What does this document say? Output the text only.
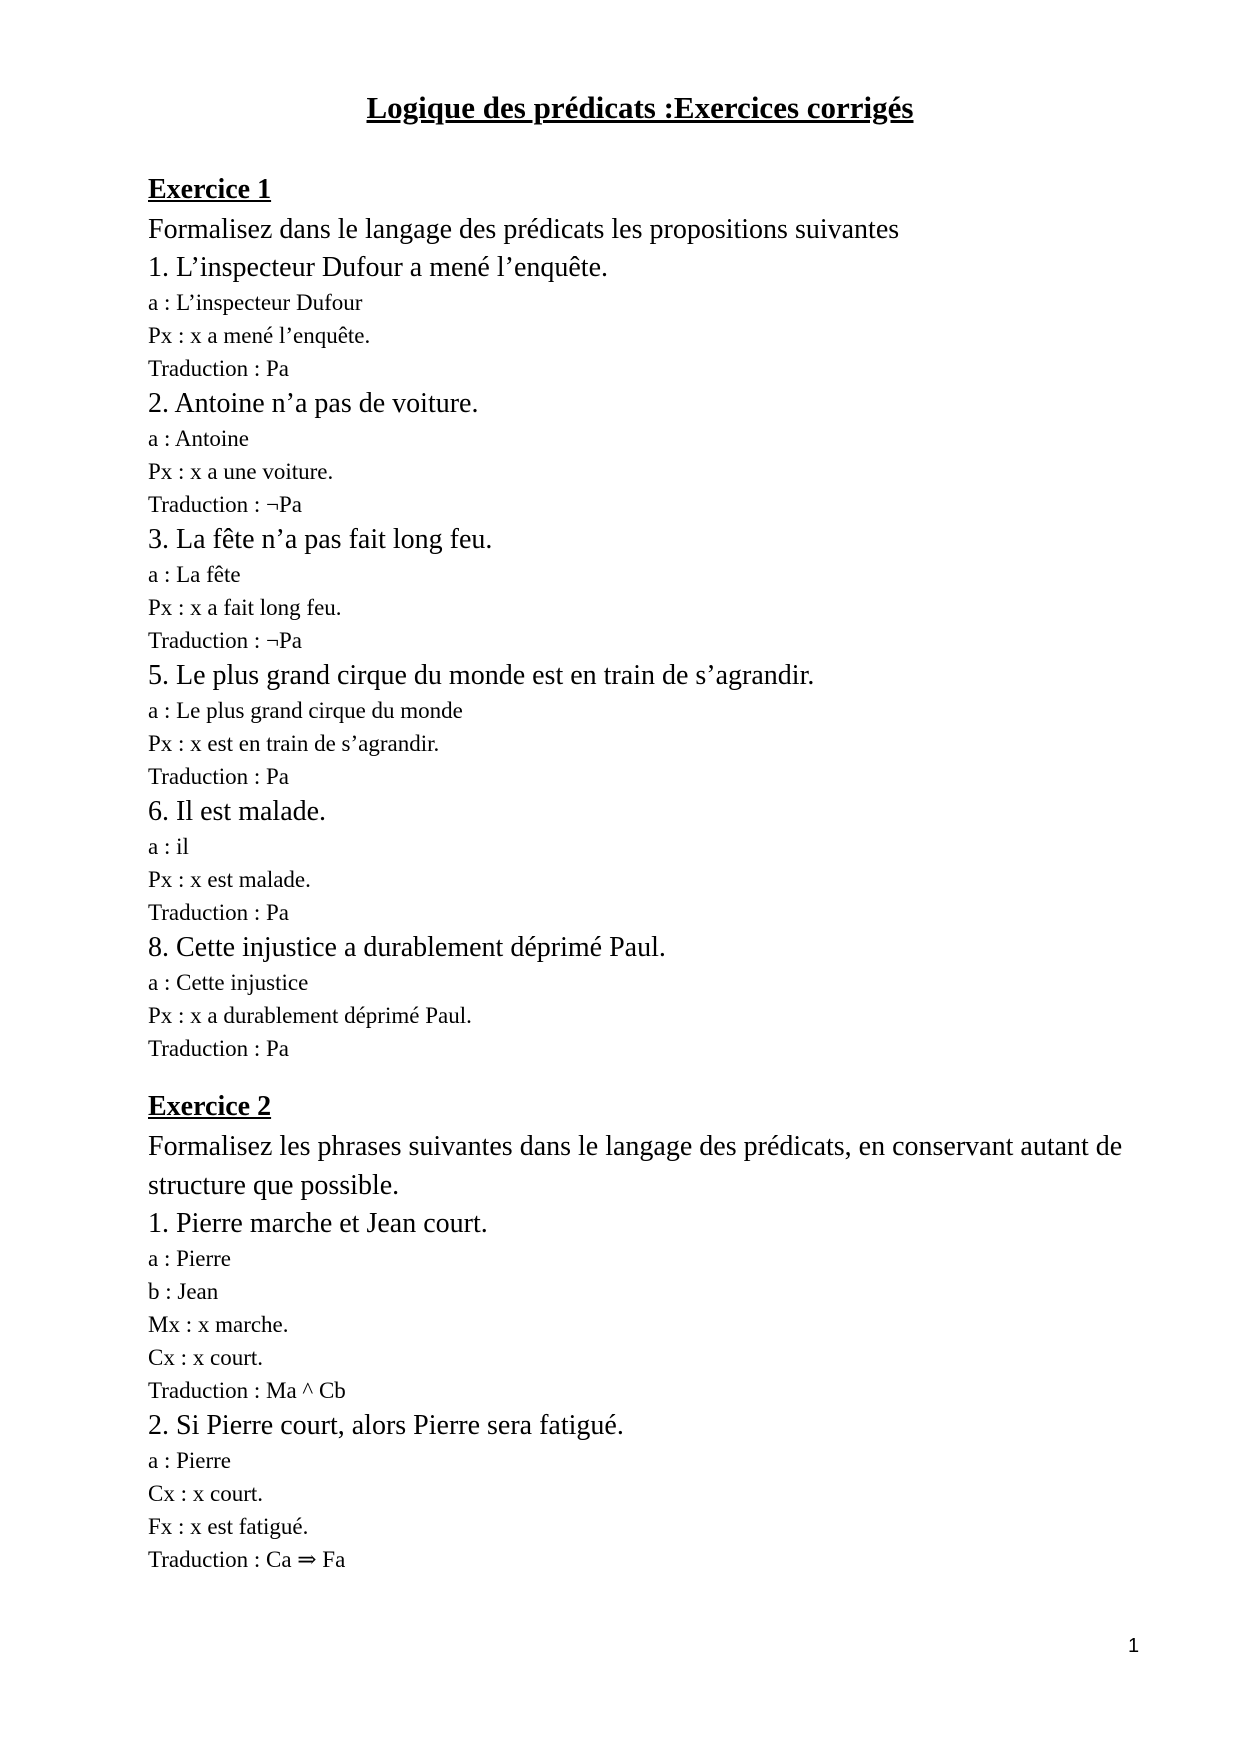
Logique des prédicats :Exercices corrigés
Exercice 1
Formalisez dans le langage des prédicats les propositions suivantes
1. L’inspecteur Dufour a mené l’enquête.
a : L’inspecteur Dufour
Px : x a mené l’enquête.
Traduction : Pa
2. Antoine n’a pas de voiture.
a : Antoine
Px : x a une voiture.
Traduction : ¬Pa
3. La fête n’a pas fait long feu.
a : La fête
Px : x a fait long feu.
Traduction : ¬Pa
5. Le plus grand cirque du monde est en train de s’agrandir.
a : Le plus grand cirque du monde
Px : x est en train de s’agrandir.
Traduction : Pa
6. Il est malade.
a : il
Px : x est malade.
Traduction : Pa
8. Cette injustice a durablement déprimé Paul.
a : Cette injustice
Px : x a durablement déprimé Paul.
Traduction : Pa
Exercice 2
Formalisez les phrases suivantes dans le langage des prédicats, en conservant autant de structure que possible.
1. Pierre marche et Jean court.
a : Pierre
b : Jean
Mx : x marche.
Cx : x court.
Traduction : Ma ^ Cb
2. Si Pierre court, alors Pierre sera fatigué.
a : Pierre
Cx : x court.
Fx : x est fatigué.
Traduction : Ca ⇒ Fa
1
